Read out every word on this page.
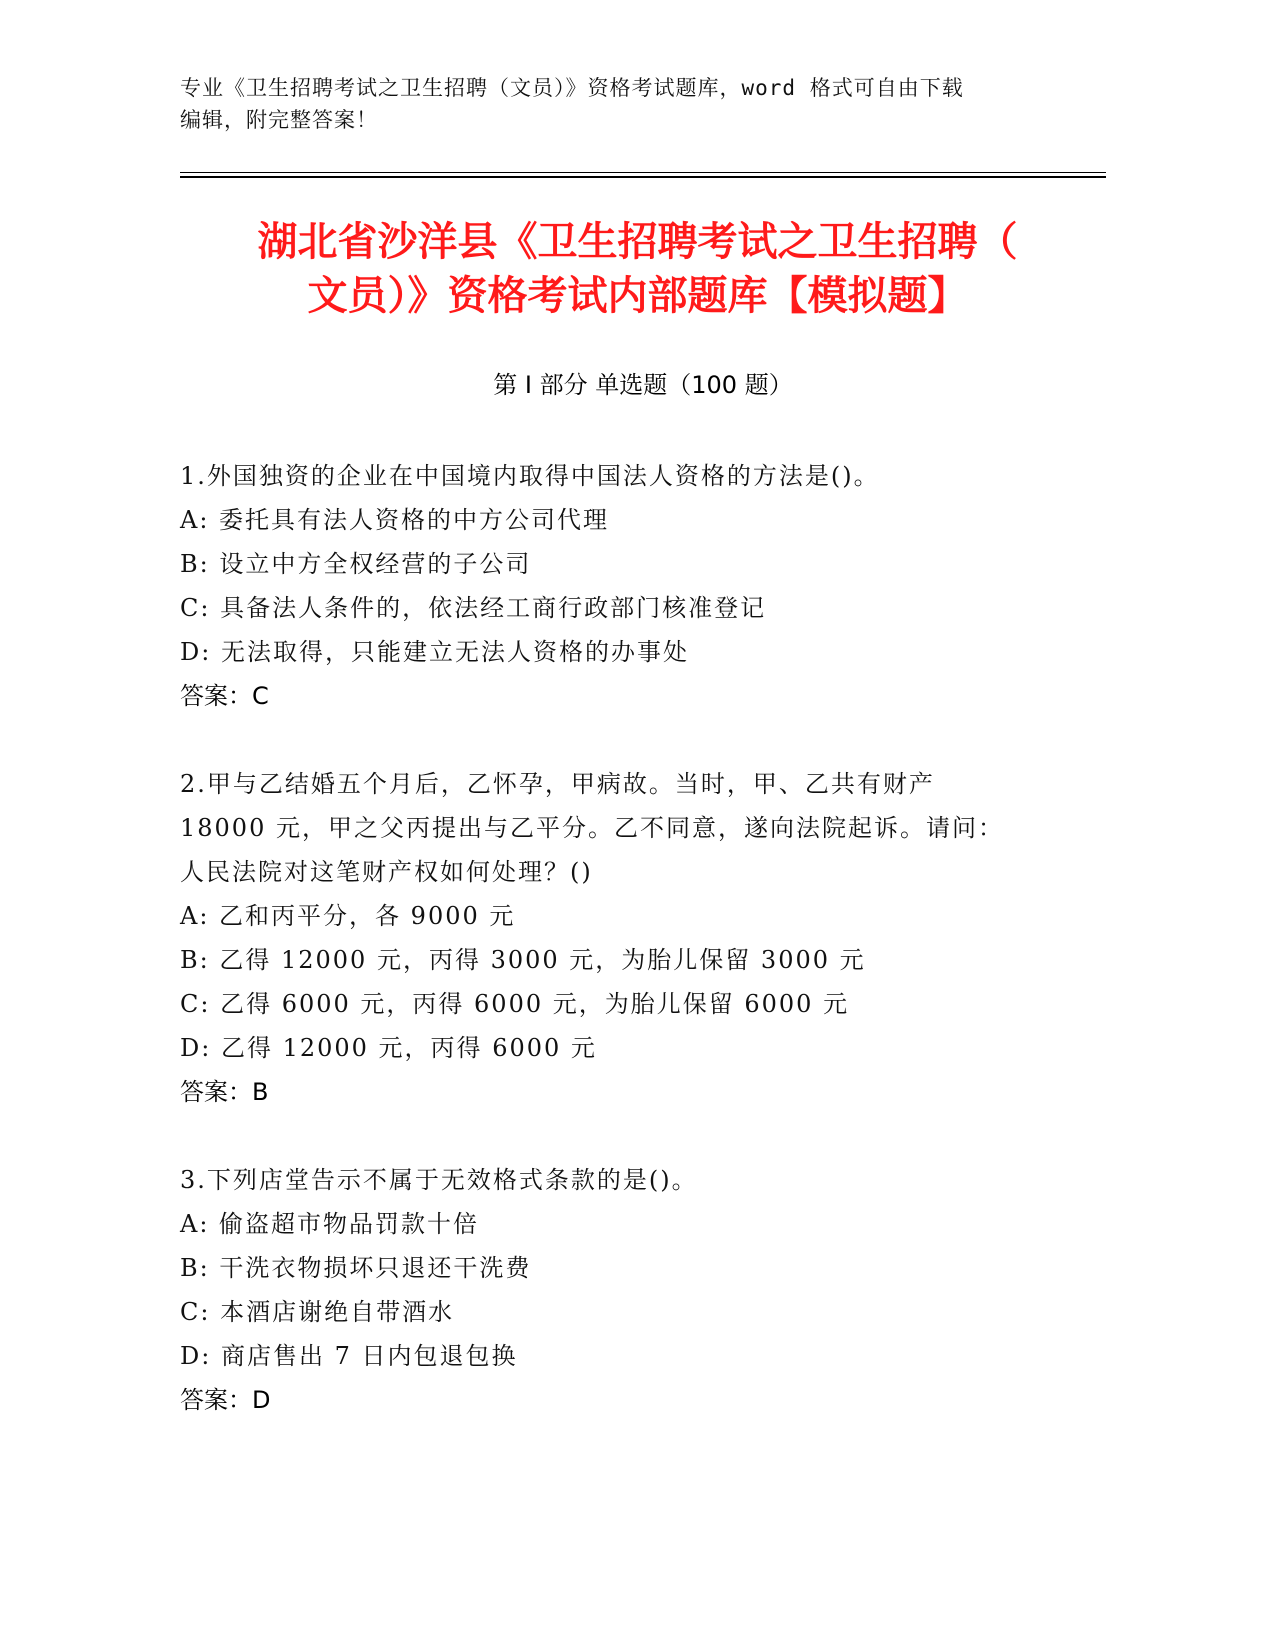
专业《卫生招聘考试之卫生招聘（文员）》资格考试题库，word 格式可自由下载
编辑，附完整答案！
湖北省沙洋县《卫生招聘考试之卫生招聘（
文员）》资格考试内部题库【模拟题】
第 I 部分 单选题（100 题）
1.外国独资的企业在中国境内取得中国法人资格的方法是()。
A: 委托具有法人资格的中方公司代理
B: 设立中方全权经营的子公司
C: 具备法人条件的，依法经工商行政部门核准登记
D: 无法取得，只能建立无法人资格的办事处
答案：C
2.甲与乙结婚五个月后，乙怀孕，甲病故。当时，甲、乙共有财产
18000 元，甲之父丙提出与乙平分。乙不同意，遂向法院起诉。请问：
人民法院对这笔财产权如何处理？()
A: 乙和丙平分，各 9000 元
B: 乙得 12000 元，丙得 3000 元，为胎儿保留 3000 元
C: 乙得 6000 元，丙得 6000 元，为胎儿保留 6000 元
D: 乙得 12000 元，丙得 6000 元
答案：B
3.下列店堂告示不属于无效格式条款的是()。
A: 偷盗超市物品罚款十倍
B: 干洗衣物损坏只退还干洗费
C: 本酒店谢绝自带酒水
D: 商店售出 7 日内包退包换
答案：D
